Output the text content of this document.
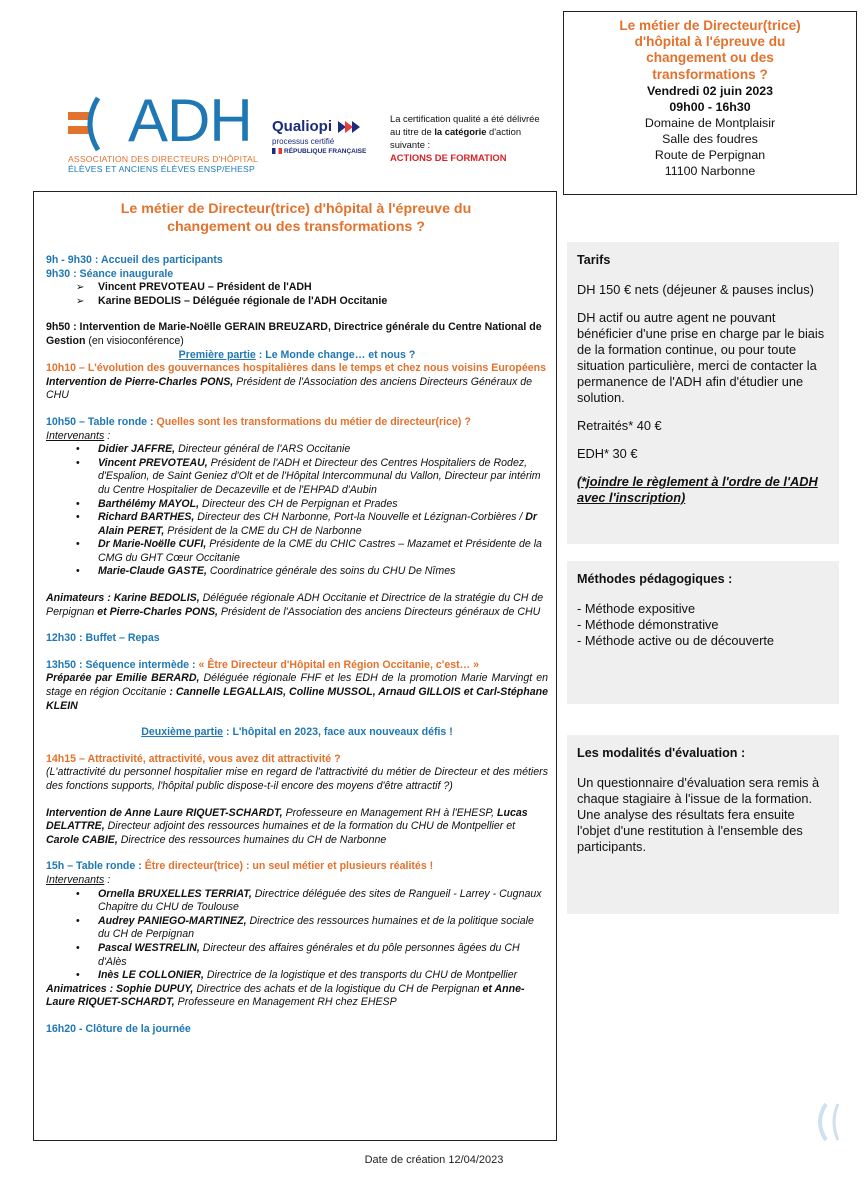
ADH
ASSOCIATION DES DIRECTEURS D'HÔPITAL
ÉLÈVES ET ANCIENS ÉLÈVES ENSP/EHESP
Qualiopi
processus certifié
RÉPUBLIQUE FRANÇAISE
La certification qualité a été délivrée au titre de la catégorie d'action suivante :
ACTIONS DE FORMATION
Le métier de Directeur(trice)
d'hôpital à l'épreuve du
changement ou des
transformations ?
Vendredi 02 juin 2023
09h00 - 16h30
Domaine de Montplaisir
Salle des foudres
Route de Perpignan
11100 Narbonne
Le métier de Directeur(trice) d'hôpital à l'épreuve du
changement ou des transformations ?
9h - 9h30 : Accueil des participants
9h30 : Séance inaugurale
➢ Vincent PREVOTEAU – Président de l'ADH
➢ Karine BEDOLIS – Déléguée régionale de l'ADH Occitanie
9h50 : Intervention de Marie-Noëlle GERAIN BREUZARD, Directrice générale du Centre National de Gestion (en visioconférence)
Première partie : Le Monde change… et nous ?
10h10 – L'évolution des gouvernances hospitalières dans le temps et chez nous voisins Européens
Intervention de Pierre-Charles PONS, Président de l'Association des anciens Directeurs Généraux de CHU
10h50 – Table ronde : Quelles sont les transformations du métier de directeur(rice) ?
Intervenants :
• Didier JAFFRE, Directeur général de l'ARS Occitanie
• Vincent PREVOTEAU, Président de l'ADH et Directeur des Centres Hospitaliers de Rodez, d'Espalion, de Saint Geniez d'Olt et de l'Hôpital Intercommunal du Vallon, Directeur par intérim du Centre Hospitalier de Decazeville et de l'EHPAD d'Aubin
• Barthélémy MAYOL, Directeur des CH de Perpignan et Prades
• Richard BARTHES, Directeur des CH Narbonne, Port-la Nouvelle et Lézignan-Corbières / Dr Alain PERET, Président de la CME du CH de Narbonne
• Dr Marie-Noëlle CUFI, Présidente de la CME du CHIC Castres – Mazamet et Présidente de la CMG du GHT Cœur Occitanie
• Marie-Claude GASTE, Coordinatrice générale des soins du CHU De Nîmes
Animateurs : Karine BEDOLIS, Déléguée régionale ADH Occitanie et Directrice de la stratégie du CH de Perpignan et Pierre-Charles PONS, Président de l'Association des anciens Directeurs généraux de CHU
12h30 : Buffet – Repas
13h50 : Séquence intermède : « Être Directeur d'Hôpital en Région Occitanie, c'est… »
Préparée par Emilie BERARD, Déléguée régionale FHF et les EDH de la promotion Marie Marvingt en stage en région Occitanie : Cannelle LEGALLAIS, Colline MUSSOL, Arnaud GILLOIS et Carl-Stéphane KLEIN
Deuxième partie : L'hôpital en 2023, face aux nouveaux défis !
14h15 – Attractivité, attractivité, vous avez dit attractivité ?
(L'attractivité du personnel hospitalier mise en regard de l'attractivité du métier de Directeur et des métiers des fonctions supports, l'hôpital public dispose-t-il encore des moyens d'être attractif ?)
Intervention de Anne Laure RIQUET-SCHARDT, Professeure en Management RH à l'EHESP, Lucas DELATTRE, Directeur adjoint des ressources humaines et de la formation du CHU de Montpellier et Carole CABIE, Directrice des ressources humaines du CH de Narbonne
15h – Table ronde : Être directeur(trice) : un seul métier et plusieurs réalités !
Intervenants :
• Ornella BRUXELLES TERRIAT, Directrice déléguée des sites de Rangueil - Larrey - Cugnaux Chapitre du CHU de Toulouse
• Audrey PANIEGO-MARTINEZ, Directrice des ressources humaines et de la politique sociale du CH de Perpignan
• Pascal WESTRELIN, Directeur des affaires générales et du pôle personnes âgées du CH d'Alès
• Inès LE COLLONIER, Directrice de la logistique et des transports du CHU de Montpellier
Animatrices : Sophie DUPUY, Directrice des achats et de la logistique du CH de Perpignan et Anne-Laure RIQUET-SCHARDT, Professeure en Management RH chez EHESP
16h20 - Clôture de la journée
Tarifs

DH 150 € nets (déjeuner & pauses inclus)

DH actif ou autre agent ne pouvant bénéficier d'une prise en charge par le biais de la formation continue, ou pour toute situation particulière, merci de contacter la permanence de l'ADH afin d'étudier une solution.

Retraités* 40 €

EDH* 30 €

(*joindre le règlement à l'ordre de l'ADH avec l'inscription)

Méthodes pédagogiques :
- Méthode expositive
- Méthode démonstrative
- Méthode active ou de découverte
Les modalités d'évaluation :
Un questionnaire d'évaluation sera remis à chaque stagiaire à l'issue de la formation.
Une analyse des résultats fera ensuite l'objet d'une restitution à l'ensemble des participants.
Date de création 12/04/2023
